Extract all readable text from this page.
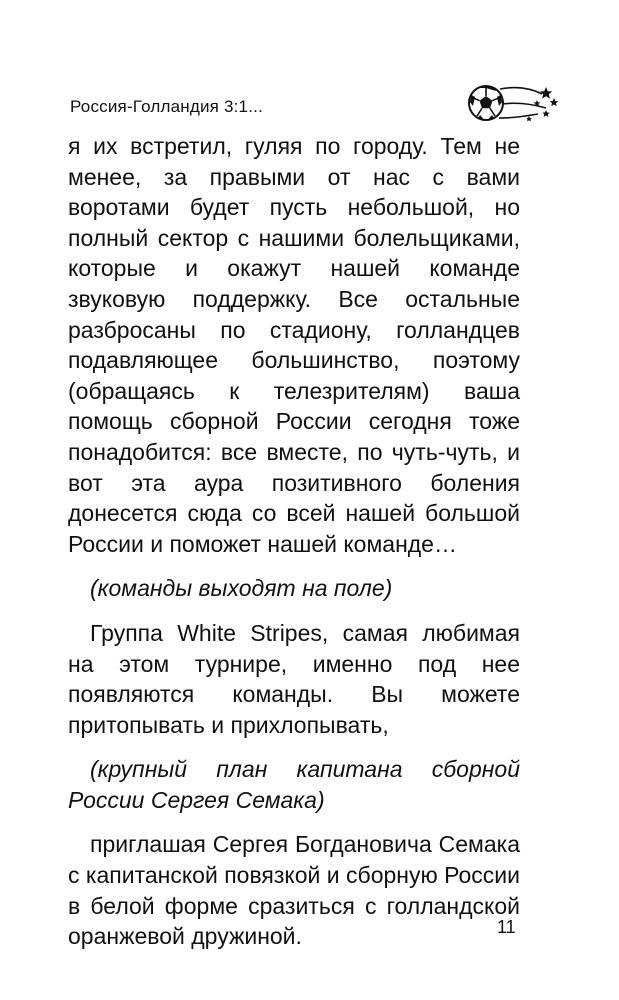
Россия-Голландия 3:1...

я их встретил, гуляя по городу. Тем не менее, за правыми от нас с вами воротами будет пусть небольшой, но полный сектор с нашими болельщиками, которые и окажут нашей команде звуковую поддержку. Все остальные разбросаны по стадиону, голландцев подавляющее большинство, поэтому (обращаясь к телезрителям) ваша помощь сборной России сегодня тоже понадобится: все вместе, по чуть-чуть, и вот эта аура позитивного боления донесется сюда со всей нашей большой России и поможет нашей команде…

(команды выходят на поле)

Группа White Stripes, самая любимая на этом турнире, именно под нее появляются команды. Вы можете притопывать и прихлопывать,

(крупный план капитана сборной России Сергея Семака)

приглашая Сергея Богдановича Семака с капитанской повязкой и сборную России в белой форме сразиться с голландской оранжевой дружиной.	11
